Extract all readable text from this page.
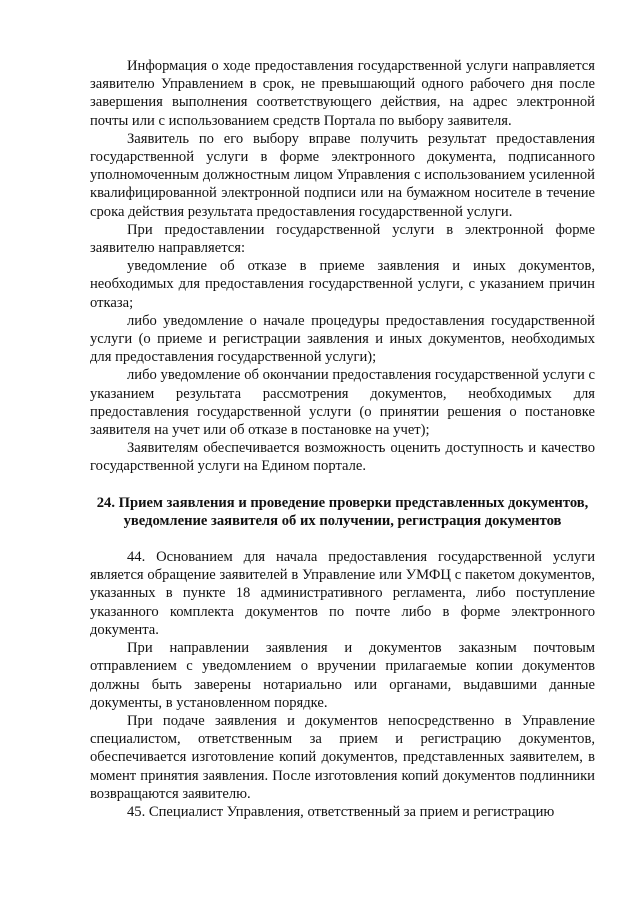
Информация о ходе предоставления государственной услуги направляется заявителю Управлением в срок, не превышающий одного рабочего дня после завершения выполнения соответствующего действия, на адрес электронной почты или с использованием средств Портала по выбору заявителя.

Заявитель по его выбору вправе получить результат предоставления государственной услуги в форме электронного документа, подписанного уполномоченным должностным лицом Управления с использованием усиленной квалифицированной электронной подписи или на бумажном носителе в течение срока действия результата предоставления государственной услуги.

При предоставлении государственной услуги в электронной форме заявителю направляется:

уведомление об отказе в приеме заявления и иных документов, необходимых для предоставления государственной услуги, с указанием причин отказа;

либо уведомление о начале процедуры предоставления государственной услуги (о приеме и регистрации заявления и иных документов, необходимых для предоставления государственной услуги);

либо уведомление об окончании предоставления государственной услуги с указанием результата рассмотрения документов, необходимых для предоставления государственной услуги (о принятии решения о постановке заявителя на учет или об отказе в постановке на учет);

Заявителям обеспечивается возможность оценить доступность и качество государственной услуги на Едином портале.

24. Прием заявления и проведение проверки представленных документов, уведомление заявителя об их получении, регистрация документов

44. Основанием для начала предоставления государственной услуги является обращение заявителей в Управление или УМФЦ с пакетом документов, указанных в пункте 18 административного регламента, либо поступление указанного комплекта документов по почте либо в форме электронного документа.

При направлении заявления и документов заказным почтовым отправлением с уведомлением о вручении прилагаемые копии документов должны быть заверены нотариально или органами, выдавшими данные документы, в установленном порядке.

При подаче заявления и документов непосредственно в Управление специалистом, ответственным за прием и регистрацию документов, обеспечивается изготовление копий документов, представленных заявителем, в момент принятия заявления. После изготовления копий документов подлинники возвращаются заявителю.

45. Специалист Управления, ответственный за прием и регистрацию
